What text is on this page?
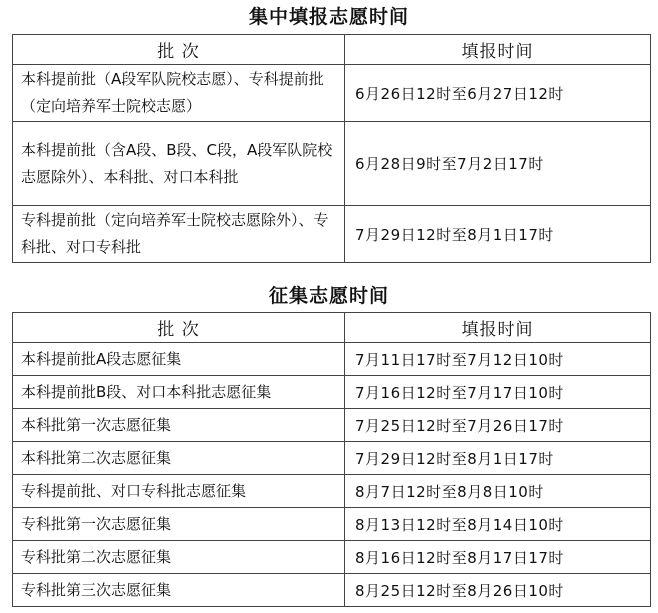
集中填报志愿时间
批 次	填报时间
本科提前批（A段军队院校志愿）、专科提前批（定向培养军士院校志愿）	6月26日12时至6月27日12时
本科提前批（含A段、B段、C段，A段军队院校志愿除外）、本科批、对口本科批	6月28日9时至7月2日17时
专科提前批（定向培养军士院校志愿除外）、专科批、对口专科批	7月29日12时至8月1日17时
征集志愿时间
批 次	填报时间
本科提前批A段志愿征集	7月11日17时至7月12日10时
本科提前批B段、对口本科批志愿征集	7月16日12时至7月17日10时
本科批第一次志愿征集	7月25日12时至7月26日17时
本科批第二次志愿征集	7月29日12时至8月1日17时
专科提前批、对口专科批志愿征集	8月7日12时至8月8日10时
专科批第一次志愿征集	8月13日12时至8月14日10时
专科批第二次志愿征集	8月16日12时至8月17日17时
专科批第三次志愿征集	8月25日12时至8月26日10时
